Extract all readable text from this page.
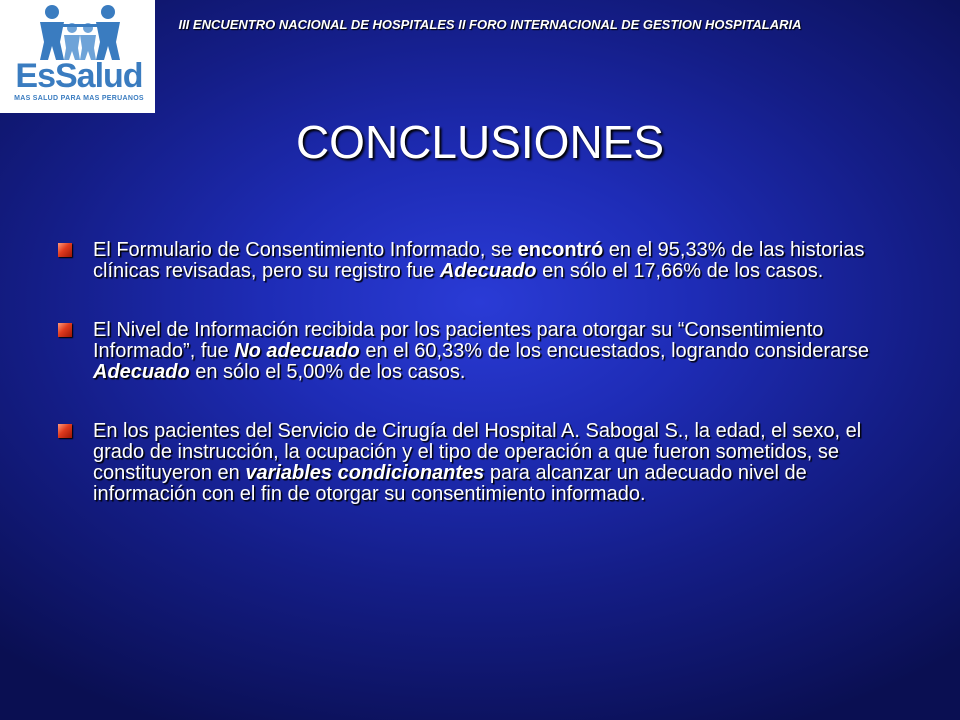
EsSalud
MAS SALUD PARA MAS PERUANOS
III ENCUENTRO NACIONAL DE HOSPITALES II FORO INTERNACIONAL DE GESTION HOSPITALARIA
CONCLUSIONES
El Formulario de Consentimiento Informado, se encontró en el 95,33% de las historias clínicas revisadas, pero su registro fue Adecuado en sólo el 17,66% de los casos.
El Nivel de Información recibida por los pacientes para otorgar su “Consentimiento Informado”, fue No adecuado en el 60,33% de los encuestados, logrando considerarse Adecuado en sólo el 5,00% de los casos.
En los pacientes del Servicio de Cirugía del Hospital A. Sabogal S., la edad, el sexo, el grado de instrucción, la ocupación y el tipo de operación a que fueron sometidos, se constituyeron en variables condicionantes para alcanzar un adecuado nivel de información con el fin de otorgar su consentimiento informado.
